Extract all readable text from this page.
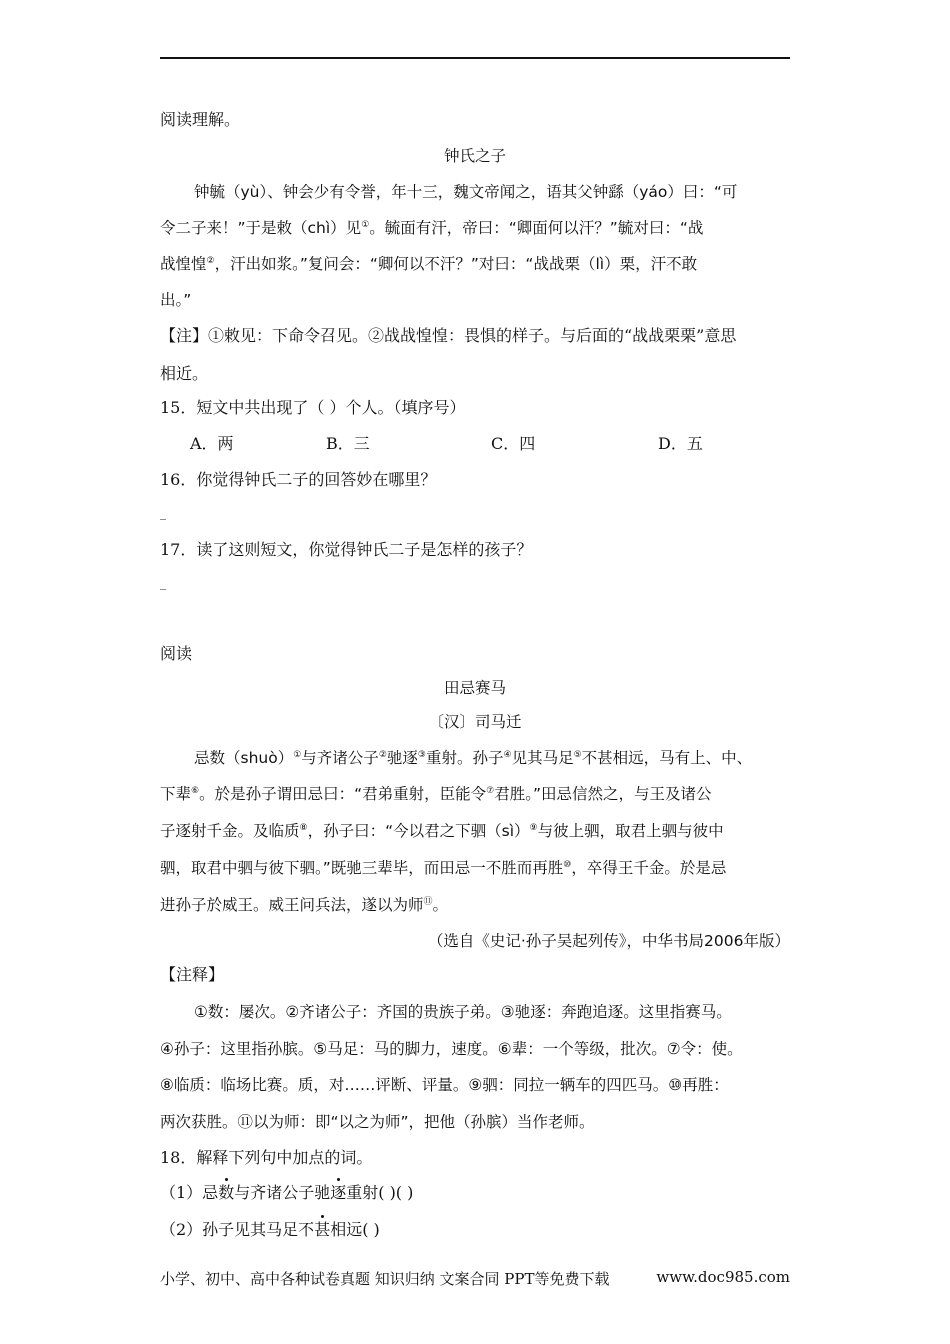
阅读理解。
钟氏之子
钟毓（yù）、钟会少有令誉，年十三，魏文帝闻之，语其父钟繇（yáo）曰：“可
令二子来！”于是敕（chì）见①。毓面有汗，帝曰：“卿面何以汗？”毓对曰：“战
战惶惶②，汗出如浆。”复问会：“卿何以不汗？”对曰：“战战栗（lì）栗，汗不敢
出。”
【注】①敕见：下命令召见。②战战惶惶：畏惧的样子。与后面的“战战栗栗”意思
相近。
15．短文中共出现了（ ）个人。（填序号）
A．两	B．三	C．四	D．五
16．你觉得钟氏二子的回答妙在哪里？
_
17．读了这则短文，你觉得钟氏二子是怎样的孩子？
_
阅读
田忌赛马
〔汉〕司马迁
忌数（shuò）①与齐诸公子②驰逐③重射。孙子④见其马足⑤不甚相远，马有上、中、
下辈⑥。於是孙子谓田忌曰：“君弟重射，臣能令⑦君胜。”田忌信然之，与王及诸公
子逐射千金。及临质⑧，孙子曰：“今以君之下驷（sì）⑨与彼上驷，取君上驷与彼中
驷，取君中驷与彼下驷。”既驰三辈毕，而田忌一不胜而再胜⑩，卒得王千金。於是忌
进孙子於威王。威王问兵法，遂以为师⑪。
（选自《史记·孙子吴起列传》，中华书局2006年版）
【注释】
①数：屡次。②齐诸公子：齐国的贵族子弟。③驰逐：奔跑追逐。这里指赛马。
④孙子：这里指孙膑。⑤马足：马的脚力，速度。⑥辈：一个等级，批次。⑦令：使。
⑧临质：临场比赛。质，对……评断、评量。⑨驷：同拉一辆车的四匹马。⑩再胜：
两次获胜。⑪以为师：即“以之为师”，把他（孙膑）当作老师。
18．解释下列句中加点的词。
（1）忌数与齐诸公子驰逐重射( )( )
（2）孙子见其马足不甚相远( )
小学、初中、高中各种试卷真题 知识归纳 文案合同 PPT等免费下载	www.doc985.com
